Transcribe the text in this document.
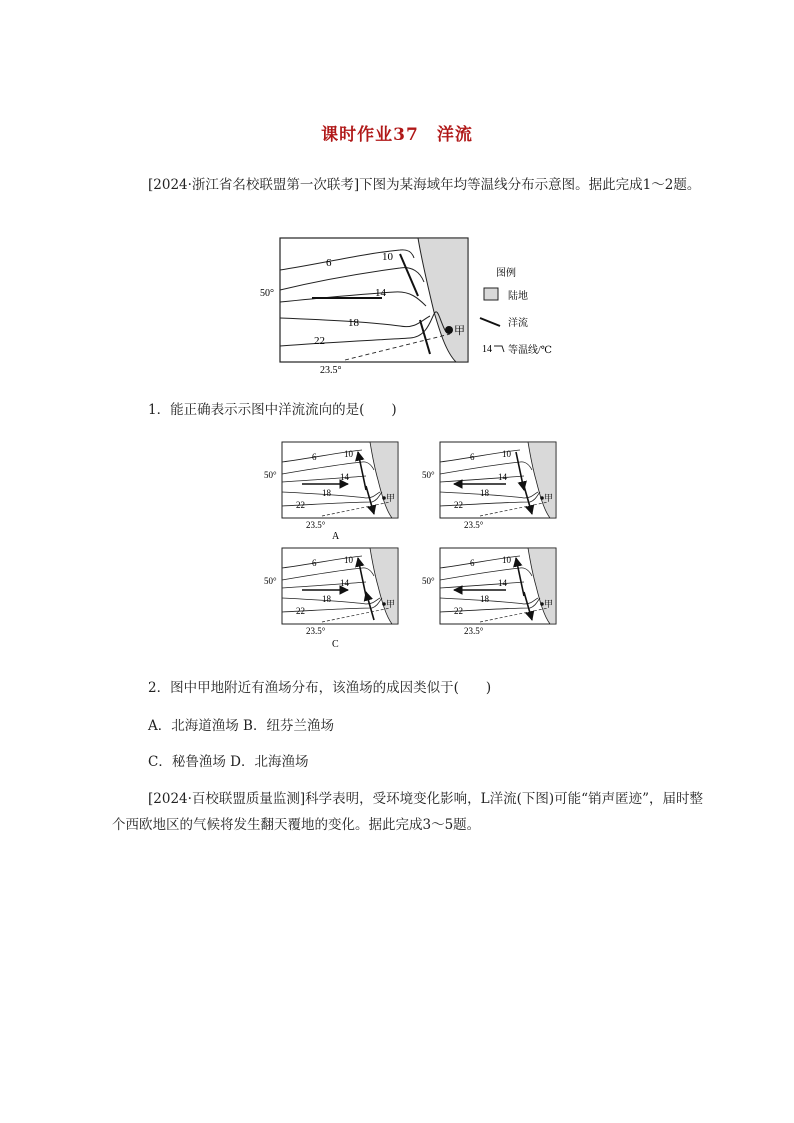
课时作业37　洋流
[2024·浙江省名校联盟第一次联考]下图为某海域年均等温线分布示意图。据此完成1～2题。
甲
6	10
14
18
22
50°
23.5°
图例
陆地
洋流
14 等温线/℃
1．能正确表示示图中洋流流向的是(　　)
甲
6	10
14
18
22
50°
23.5°
A
甲
6	10
14
18
22
50°
23.5°
甲
6	10
14
18
22
50°
23.5°
C
甲
6	10
14
18
22
50°
23.5°
2．图中甲地附近有渔场分布，该渔场的成因类似于(　　)
A．北海道渔场 B．纽芬兰渔场
C．秘鲁渔场 D．北海渔场
[2024·百校联盟质量监测]科学表明，受环境变化影响，L洋流(下图)可能“销声匿迹”，届时整个西欧地区的气候将发生翻天覆地的变化。据此完成3～5题。
